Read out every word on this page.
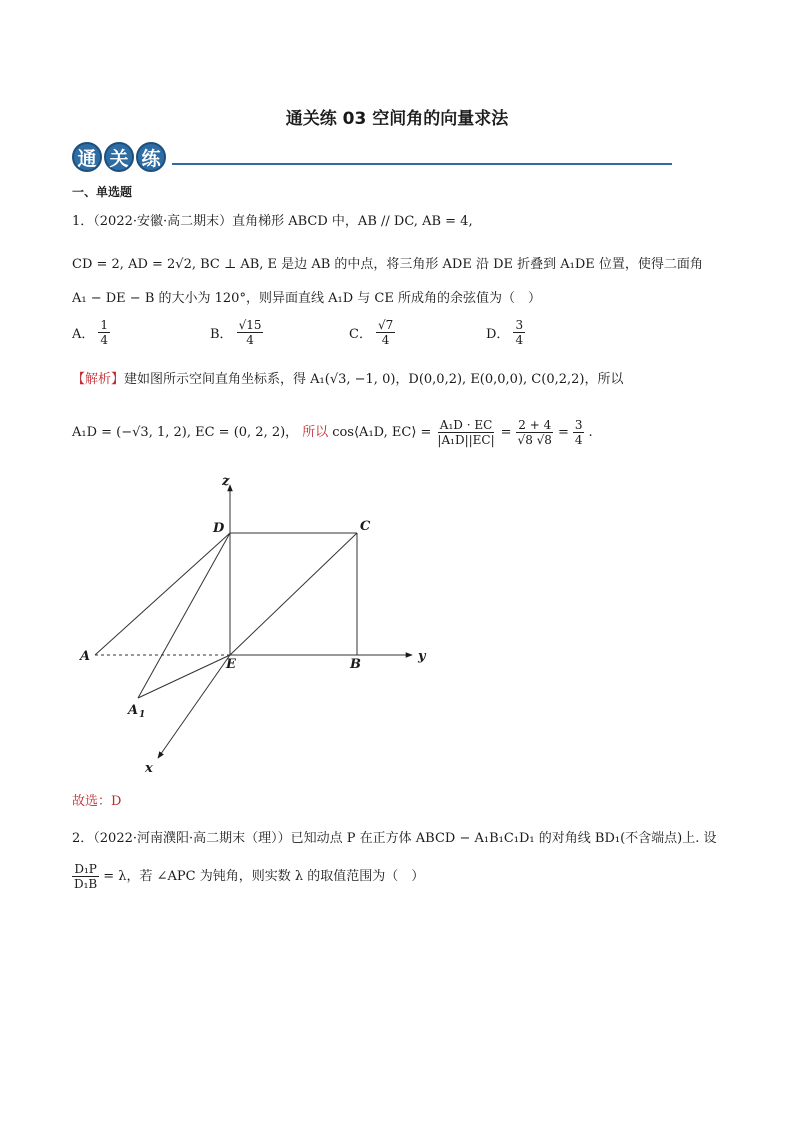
通关练 03 空间角的向量求法
通 关 练
一、单选题
1．（2022·安徽·高二期末）直角梯形 ABCD 中，AB // DC, AB = 4,
CD = 2, AD = 2√2, BC ⊥ AB, E 是边 AB 的中点，将三角形 ADE 沿 DE 折叠到 A₁DE 位置，使得二面角
A₁ − DE − B 的大小为 120°，则异面直线 A₁D 与 CE 所成角的余弦值为（　）
A． $\frac{1}{4}$	B． $\frac{√15}{4}$	C． $\frac{√7}{4}$	D． $\frac{3}{4}$
【解析】建如图所示空间直角坐标系，得 A₁(√3, −1, 0)，D(0,0,2), E(0,0,0), C(0,2,2)，所以
A₁D = (−√3, 1, 2), EC = (0, 2, 2)， 所以 cos⟨A₁D, EC⟩ = $\frac{\text{A₁D · EC}}{\text{|A₁D||EC|}} = \frac{2 + 4}{√8 √8} = \frac{3}{4}$ .
z
D	C
A
E	B
y
A 1
x
故选：D
2．（2022·河南濮阳·高二期末（理））已知动点 P 在正方体 ABCD − A₁B₁C₁D₁ 的对角线 BD₁(不含端点)上. 设
$\frac{\text{D₁P}}{\text{D₁B}} = \lambda$，若 ∠APC 为钝角，则实数 λ 的取值范围为（　）
